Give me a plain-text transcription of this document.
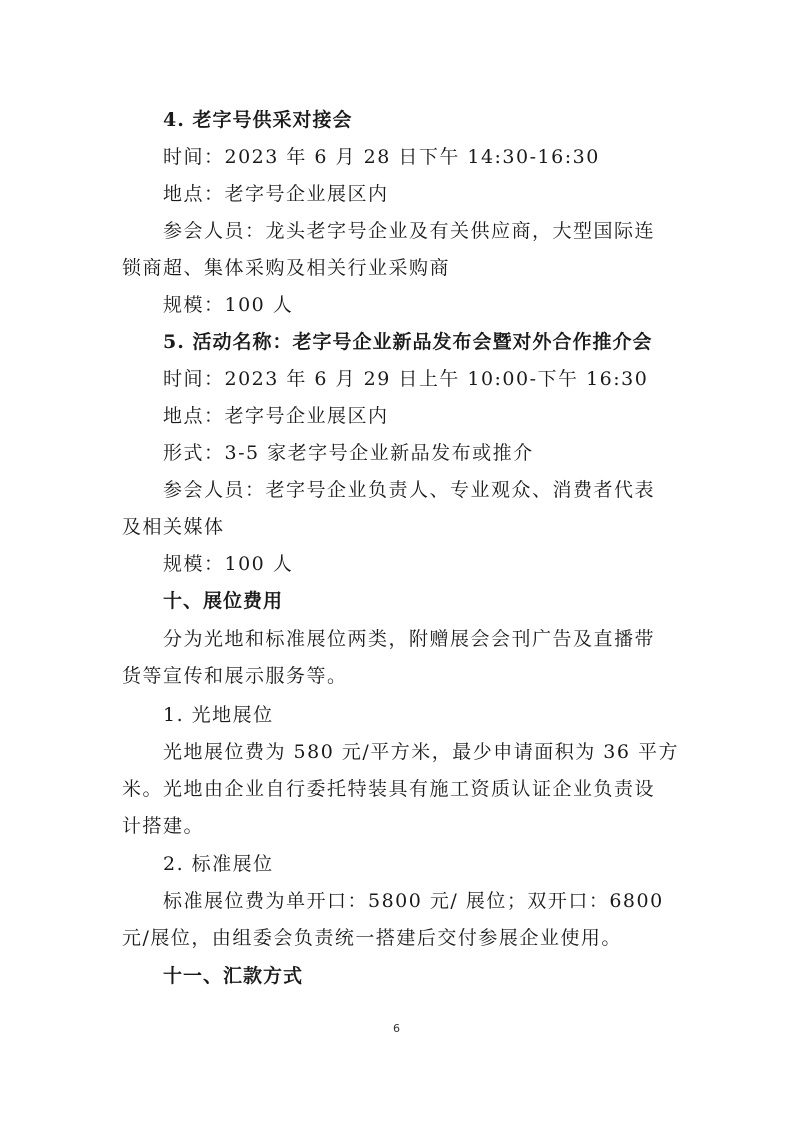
4. 老字号供采对接会
时间：2023 年 6 月 28 日下午 14:30-16:30
地点：老字号企业展区内
参会人员：龙头老字号企业及有关供应商，大型国际连
锁商超、集体采购及相关行业采购商
规模：100 人
5. 活动名称：老字号企业新品发布会暨对外合作推介会
时间：2023 年 6 月 29 日上午 10:00-下午 16:30
地点：老字号企业展区内
形式：3-5 家老字号企业新品发布或推介
参会人员：老字号企业负责人、专业观众、消费者代表
及相关媒体
规模：100 人
十、展位费用
分为光地和标准展位两类，附赠展会会刊广告及直播带
货等宣传和展示服务等。
1. 光地展位
光地展位费为 580 元/平方米，最少申请面积为 36 平方
米。光地由企业自行委托特装具有施工资质认证企业负责设
计搭建。
2. 标准展位
标准展位费为单开口：5800 元/ 展位；双开口：6800
元/展位，由组委会负责统一搭建后交付参展企业使用。
十一、汇款方式
6
